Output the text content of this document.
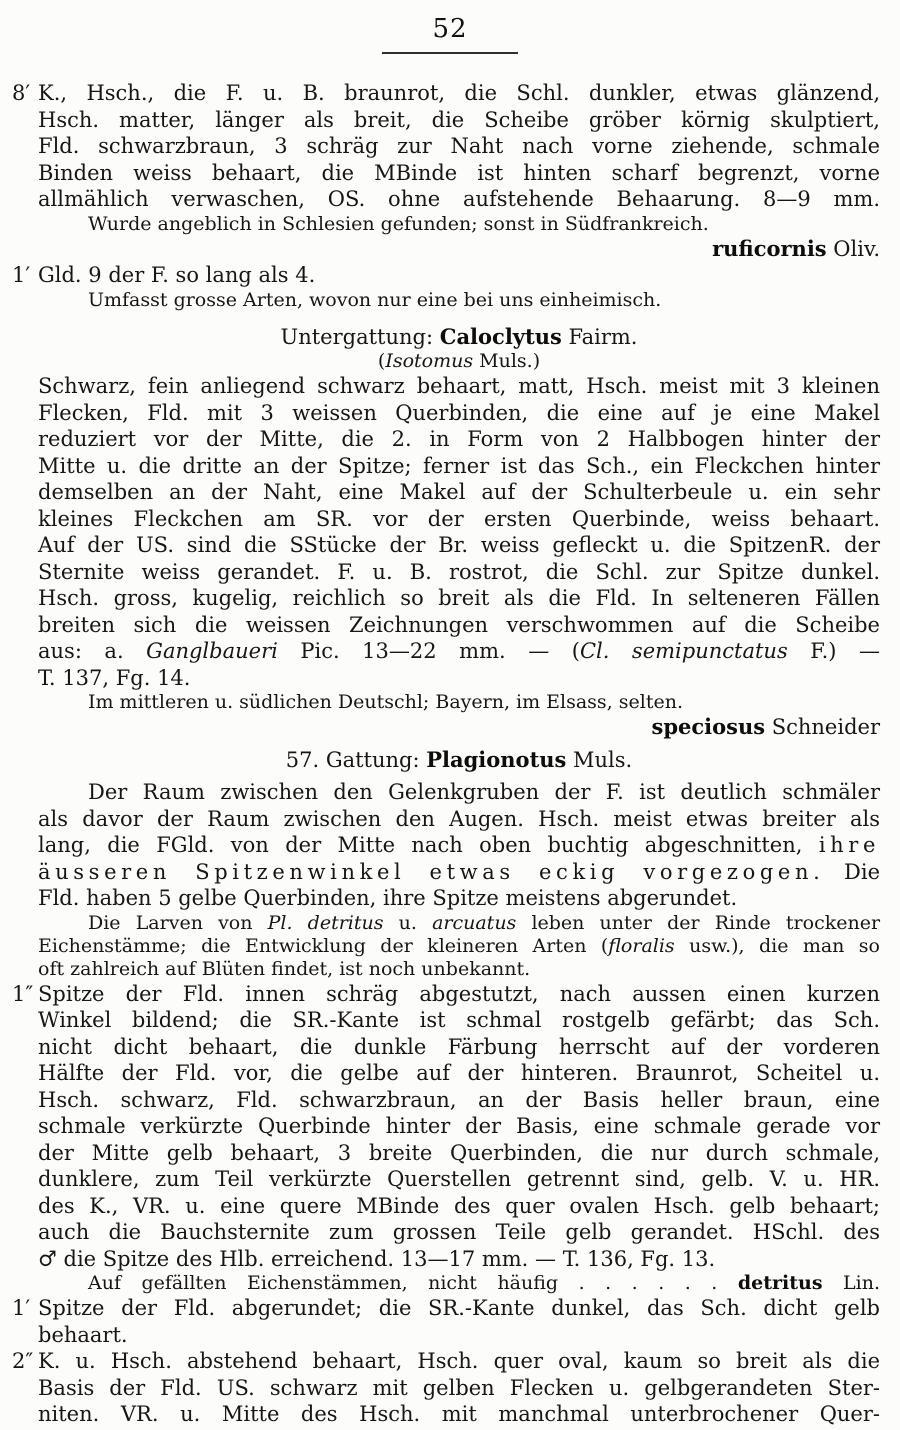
52
8′ K., Hsch., die F. u. B. braunrot, die Schl. dunkler, etwas glänzend,
Hsch. matter, länger als breit, die Scheibe gröber körnig skulptiert,
Fld. schwarzbraun, 3 schräg zur Naht nach vorne ziehende, schmale
Binden weiss behaart, die MBinde ist hinten scharf begrenzt, vorne
allmählich verwaschen, OS. ohne aufstehende Behaarung. 8—9 mm.
Wurde angeblich in Schlesien gefunden; sonst in Südfrankreich.
ruficornis Oliv.
1′ Gld. 9 der F. so lang als 4.
Umfasst grosse Arten, wovon nur eine bei uns einheimisch.
Untergattung: Caloclytus Fairm.
(Isotomus Muls.)
Schwarz, fein anliegend schwarz behaart, matt, Hsch. meist mit 3 kleinen
Flecken, Fld. mit 3 weissen Querbinden, die eine auf je eine Makel
reduziert vor der Mitte, die 2. in Form von 2 Halbbogen hinter der
Mitte u. die dritte an der Spitze; ferner ist das Sch., ein Fleckchen hinter
demselben an der Naht, eine Makel auf der Schulterbeule u. ein sehr
kleines Fleckchen am SR. vor der ersten Querbinde, weiss behaart.
Auf der US. sind die SStücke der Br. weiss gefleckt u. die SpitzenR. der
Sternite weiss gerandet. F. u. B. rostrot, die Schl. zur Spitze dunkel.
Hsch. gross, kugelig, reichlich so breit als die Fld. In selteneren Fällen
breiten sich die weissen Zeichnungen verschwommen auf die Scheibe
aus: a. Ganglbaueri Pic. 13—22 mm. — (Cl. semipunctatus F.) —
T. 137, Fg. 14.
Im mittleren u. südlichen Deutschl; Bayern, im Elsass, selten.
speciosus Schneider
57. Gattung: Plagionotus Muls.
Der Raum zwischen den Gelenkgruben der F. ist deutlich schmäler
als davor der Raum zwischen den Augen. Hsch. meist etwas breiter als
lang, die FGld. von der Mitte nach oben buchtig abgeschnitten, ihre
äusseren Spitzenwinkel etwas eckig vorgezogen. Die
Fld. haben 5 gelbe Querbinden, ihre Spitze meistens abgerundet.
Die Larven von Pl. detritus u. arcuatus leben unter der Rinde trockener
Eichenstämme; die Entwicklung der kleineren Arten (floralis usw.), die man so
oft zahlreich auf Blüten findet, ist noch unbekannt.
1″ Spitze der Fld. innen schräg abgestutzt, nach aussen einen kurzen
Winkel bildend; die SR.-Kante ist schmal rostgelb gefärbt; das Sch.
nicht dicht behaart, die dunkle Färbung herrscht auf der vorderen
Hälfte der Fld. vor, die gelbe auf der hinteren. Braunrot, Scheitel u.
Hsch. schwarz, Fld. schwarzbraun, an der Basis heller braun, eine
schmale verkürzte Querbinde hinter der Basis, eine schmale gerade vor
der Mitte gelb behaart, 3 breite Querbinden, die nur durch schmale,
dunklere, zum Teil verkürzte Querstellen getrennt sind, gelb. V. u. HR.
des K., VR. u. eine quere MBinde des quer ovalen Hsch. gelb behaart;
auch die Bauchsternite zum grossen Teile gelb gerandet. HSchl. des
♂ die Spitze des Hlb. erreichend. 13—17 mm. — T. 136, Fg. 13.
Auf gefällten Eichenstämmen, nicht häufig . . . . . . detritus Lin.
1′ Spitze der Fld. abgerundet; die SR.-Kante dunkel, das Sch. dicht gelb
behaart.
2″ K. u. Hsch. abstehend behaart, Hsch. quer oval, kaum so breit als die
Basis der Fld. US. schwarz mit gelben Flecken u. gelbgerandeten Ster-
niten. VR. u. Mitte des Hsch. mit manchmal unterbrochener Quer-
